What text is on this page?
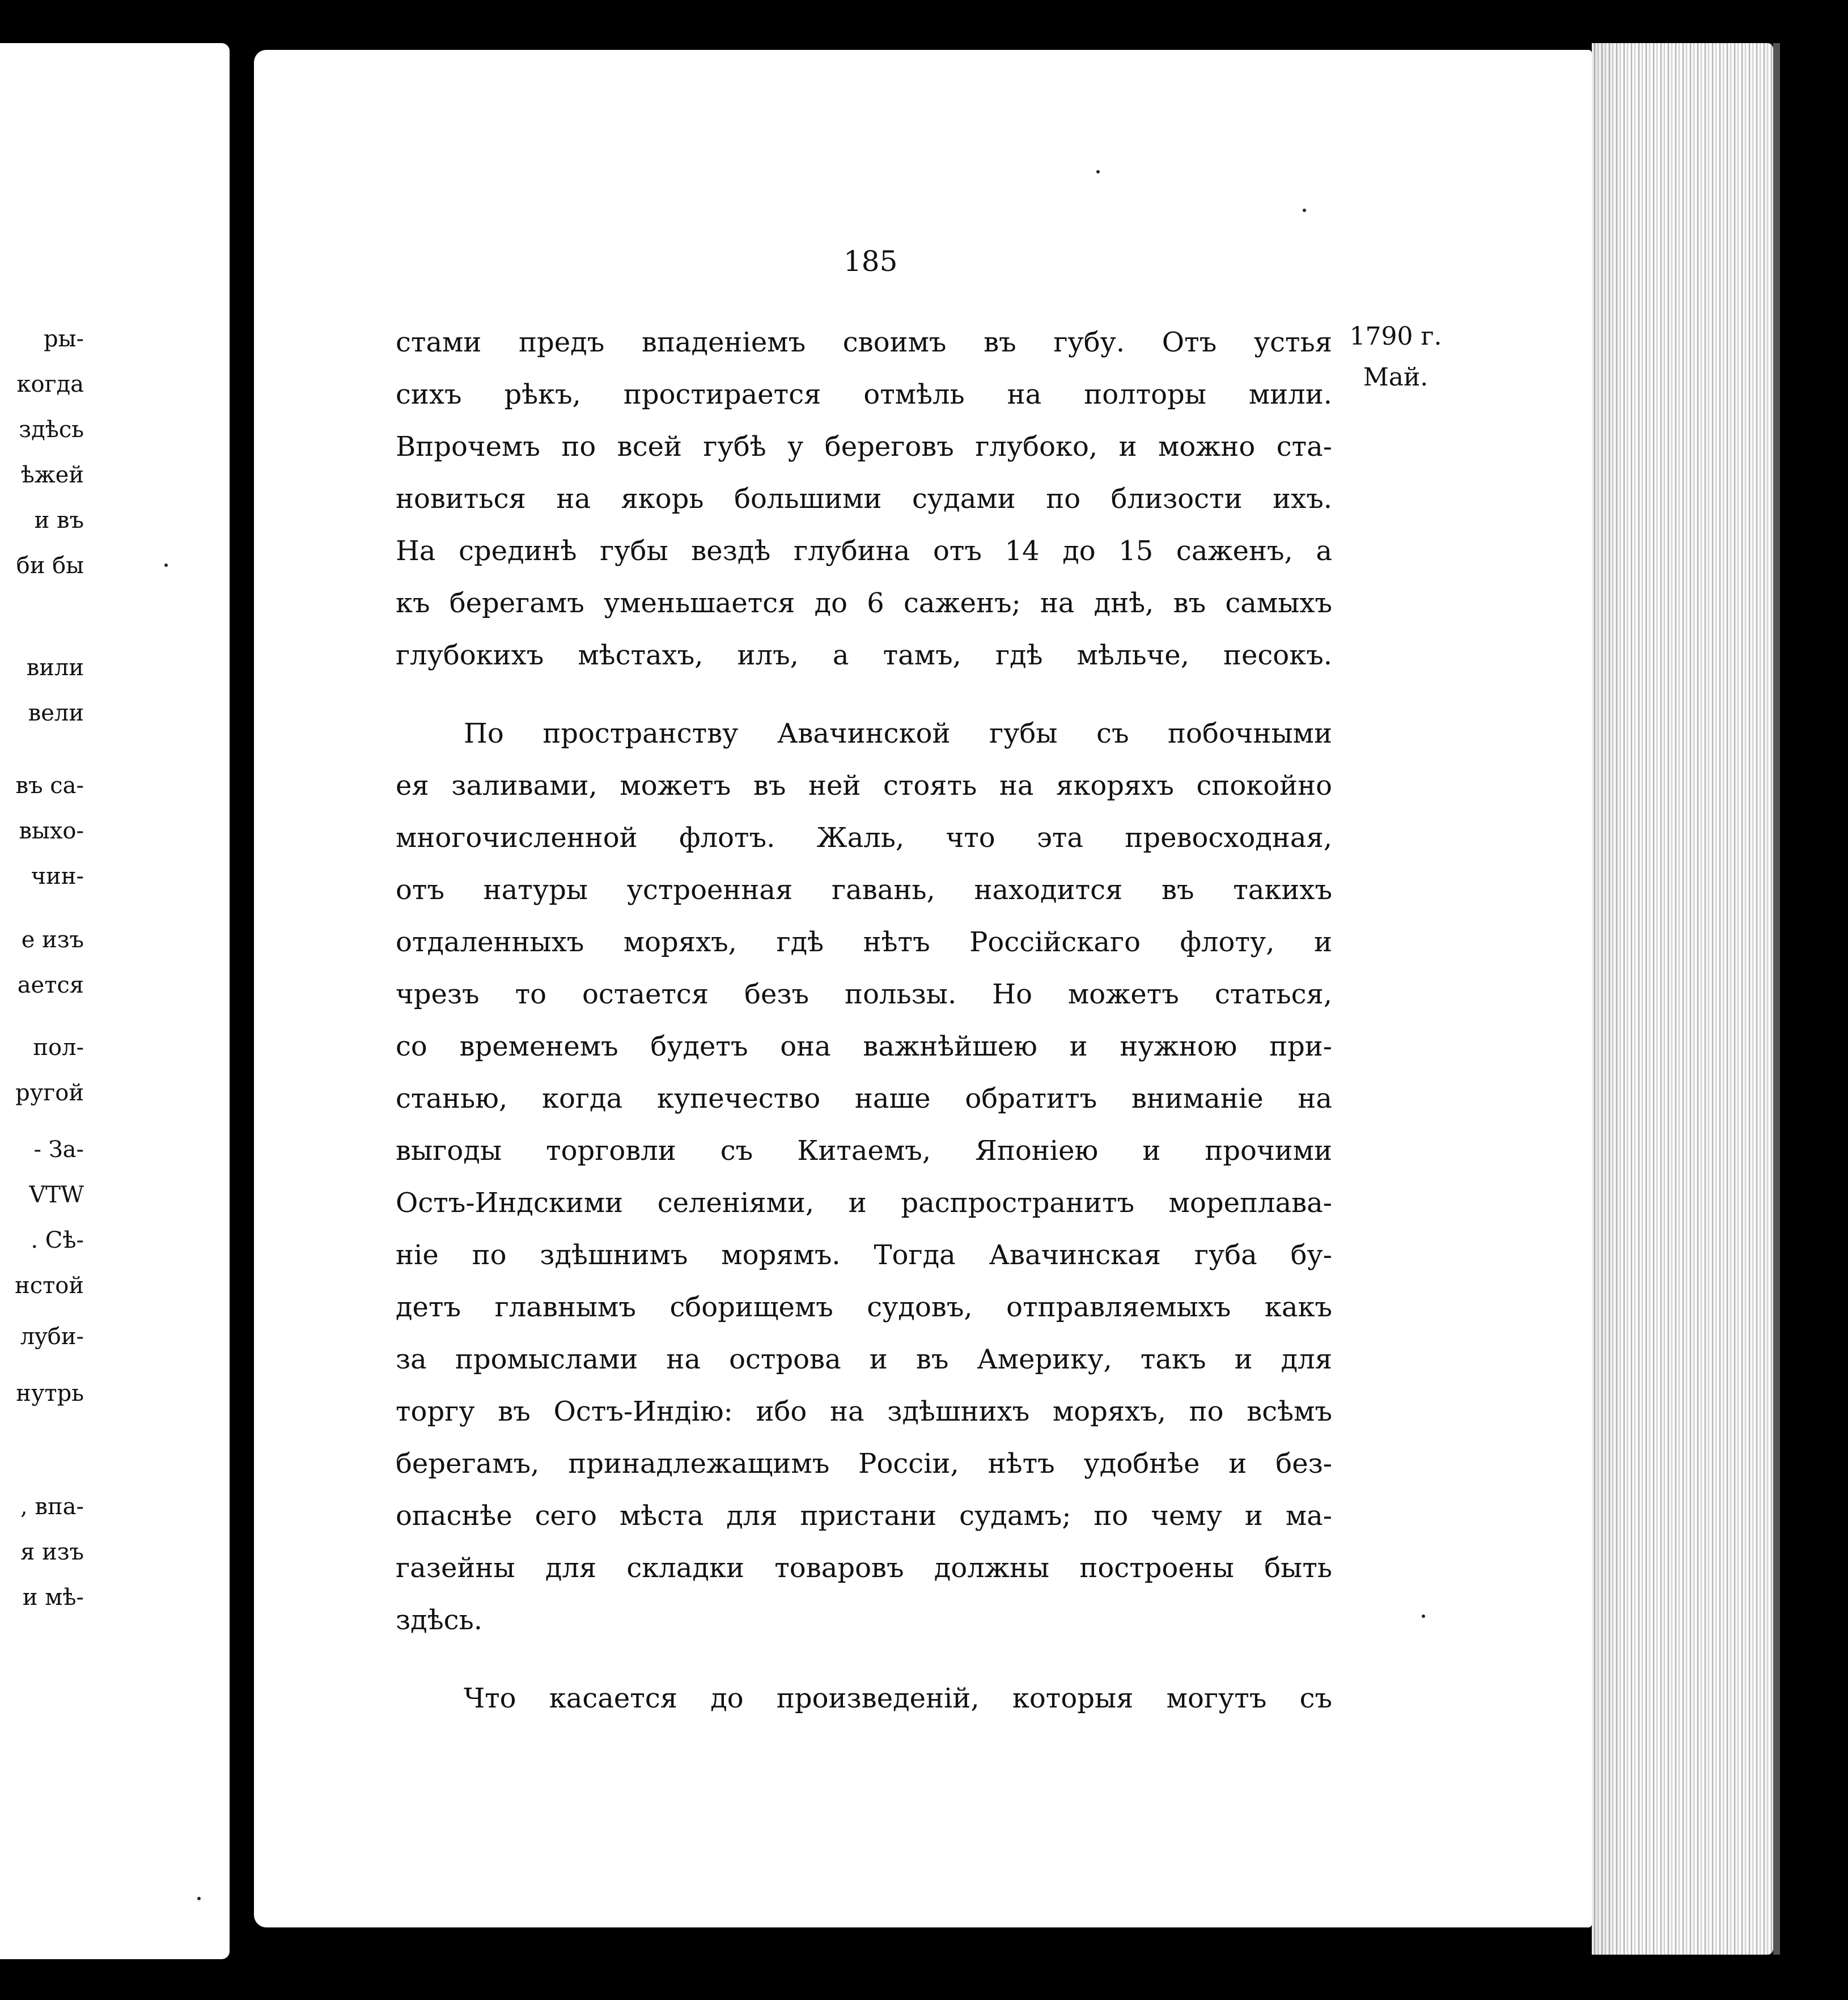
ры-
когда
здѣсь
ѣжей
и въ
би бы
вили
вели
въ са-
выхо-
чин-
е изъ
ается
пол-
ругой
- За-
VTW
. Сѣ-
нстой
лyби-
нутрь
, впа-
я изъ
и мѣ-
185
1790 г.
Май.
стами предъ впаденіемъ своимъ въ губу. Отъ устья
сихъ рѣкъ, простирается отмѣль на полторы мили.
Впрочемъ по всей губѣ у береговъ глубоко, и можно ста-
новиться на якорь большими судами по близости ихъ.
На срединѣ губы вездѣ глубина отъ 14 до 15 саженъ, а
къ берегамъ уменьшается до 6 саженъ; на днѣ, въ самыхъ
глубокихъ мѣстахъ, илъ, а тамъ, гдѣ мѣльче, песокъ.
По пространству Авачинской губы съ побочными
ея заливами, можетъ въ ней стоять на якоряхъ спокойно
многочисленной флотъ. Жаль, что эта превосходная,
отъ натуры устроенная гавань, находится въ такихъ
отдаленныхъ моряхъ, гдѣ нѣтъ Россійскаго флоту, и
чрезъ то остается безъ пользы. Но можетъ статься,
со временемъ будетъ она важнѣйшею и нужною при-
станью, когда купечество наше обратитъ вниманіе на
выгоды торговли съ Китаемъ, Японіею и прочими
Остъ-Индскими селеніями, и распространитъ мореплава-
ніе по здѣшнимъ морямъ. Тогда Авачинская губа бу-
детъ главнымъ сборищемъ судовъ, отправляемыхъ какъ
за промыслами на острова и въ Америку, такъ и для
торгу въ Остъ-Индію: ибо на здѣшнихъ моряхъ, по всѣмъ
берегамъ, принадлежащимъ Россіи, нѣтъ удобнѣе и без-
опаснѣе сего мѣста для пристани судамъ; по чему и ма-
газейны для складки товаровъ должны построены быть
здѣсь.
Что касается до произведеній, которыя могутъ съ
